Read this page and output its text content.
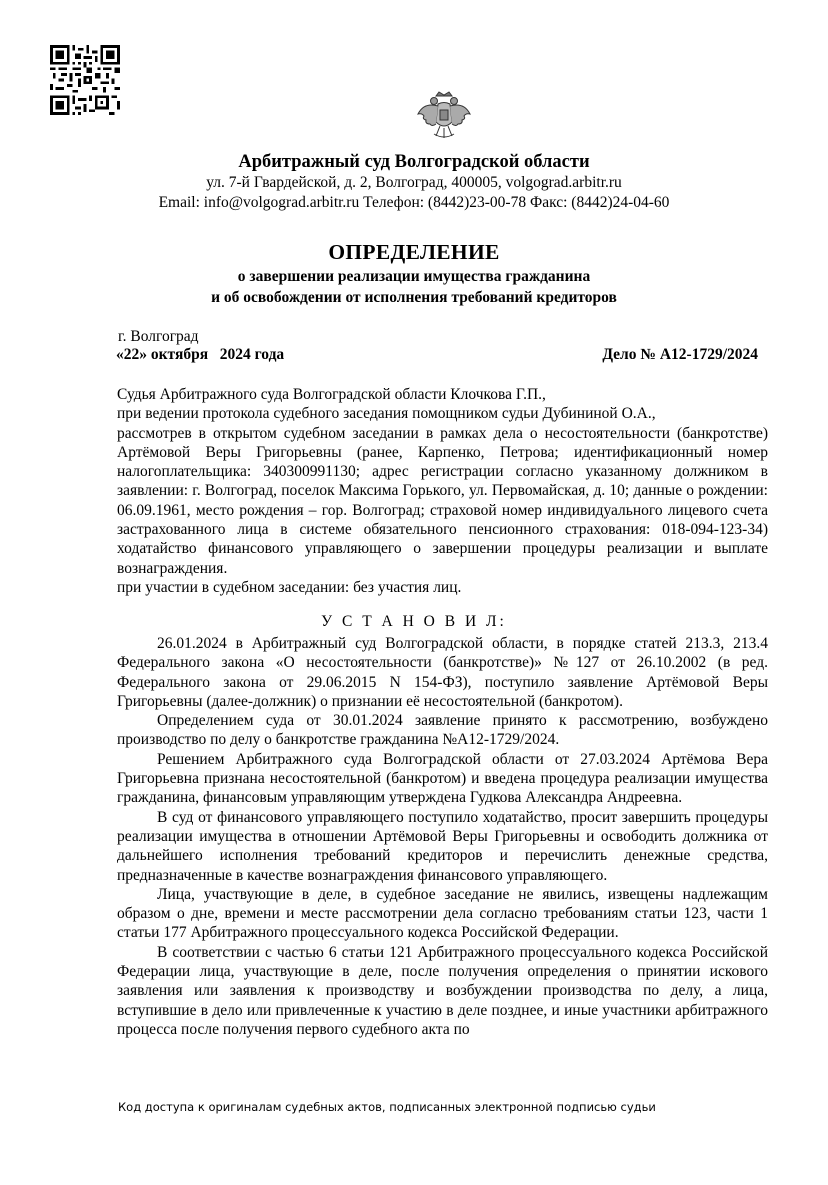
Арбитражный суд Волгоградской области
ул. 7-й Гвардейской, д. 2, Волгоград, 400005, volgograd.arbitr.ru
Email: info@volgograd.arbitr.ru Телефон: (8442)23-00-78 Факс: (8442)24-04-60
ОПРЕДЕЛЕНИЕ
о завершении реализации имущества гражданина
и об освобождении от исполнения требований кредиторов
г. Волгоград
«22» октября   2024 года	Дело № А12-1729/2024

Судья Арбитражного суда Волгоградской области Клочкова Г.П.,

при ведении протокола судебного заседания помощником судьи Дубининой О.А.,

рассмотрев в открытом судебном заседании в рамках дела о несостоятельности (банкротстве) Артёмовой Веры Григорьевны (ранее, Карпенко, Петрова; идентификационный номер налогоплательщика: 340300991130; адрес регистрации согласно указанному должником в заявлении: г. Волгоград, поселок Максима Горького, ул. Первомайская, д. 10; данные о рождении: 06.09.1961, место рождения – гор. Волгоград; страховой номер индивидуального лицевого счета застрахованного лица в системе обязательного пенсионного страхования: 018-094-123-34) ходатайство финансового управляющего о завершении процедуры реализации и выплате вознаграждения.

при участии в судебном заседании: без участия лиц.

У С Т А Н О В И Л:

26.01.2024 в Арбитражный суд Волгоградской области, в порядке статей 213.3, 213.4 Федерального закона «О несостоятельности (банкротстве)» №127 от 26.10.2002 (в ред. Федерального закона от 29.06.2015 N 154-ФЗ), поступило заявление Артёмовой Веры Григорьевны (далее-должник) о признании её несостоятельной (банкротом).

Определением суда от 30.01.2024 заявление принято к рассмотрению, возбуждено производство по делу о банкротстве гражданина №А12-1729/2024.

Решением Арбитражного суда Волгоградской области от 27.03.2024 Артёмова Вера Григорьевна признана несостоятельной (банкротом) и введена процедура реализации имущества гражданина, финансовым управляющим утверждена Гудкова Александра Андреевна.

В суд от финансового управляющего поступило ходатайство, просит завершить процедуры реализации имущества в отношении Артёмовой Веры Григорьевны и освободить должника от дальнейшего исполнения требований кредиторов и перечислить денежные средства, предназначенные в качестве вознаграждения финансового управляющего.

Лица, участвующие в деле, в судебное заседание не явились, извещены надлежащим образом о дне, времени и месте рассмотрении дела согласно требованиям статьи 123, части 1 статьи 177 Арбитражного процессуального кодекса Российской Федерации.

В соответствии с частью 6 статьи 121 Арбитражного процессуального кодекса Российской Федерации лица, участвующие в деле, после получения определения о принятии искового заявления или заявления к производству и возбуждении производства по делу, а лица, вступившие в дело или привлеченные к участию в деле позднее, и иные участники арбитражного процесса после получения первого судебного акта по

Код доступа к оригиналам судебных актов, подписанных электронной подписью судьи
